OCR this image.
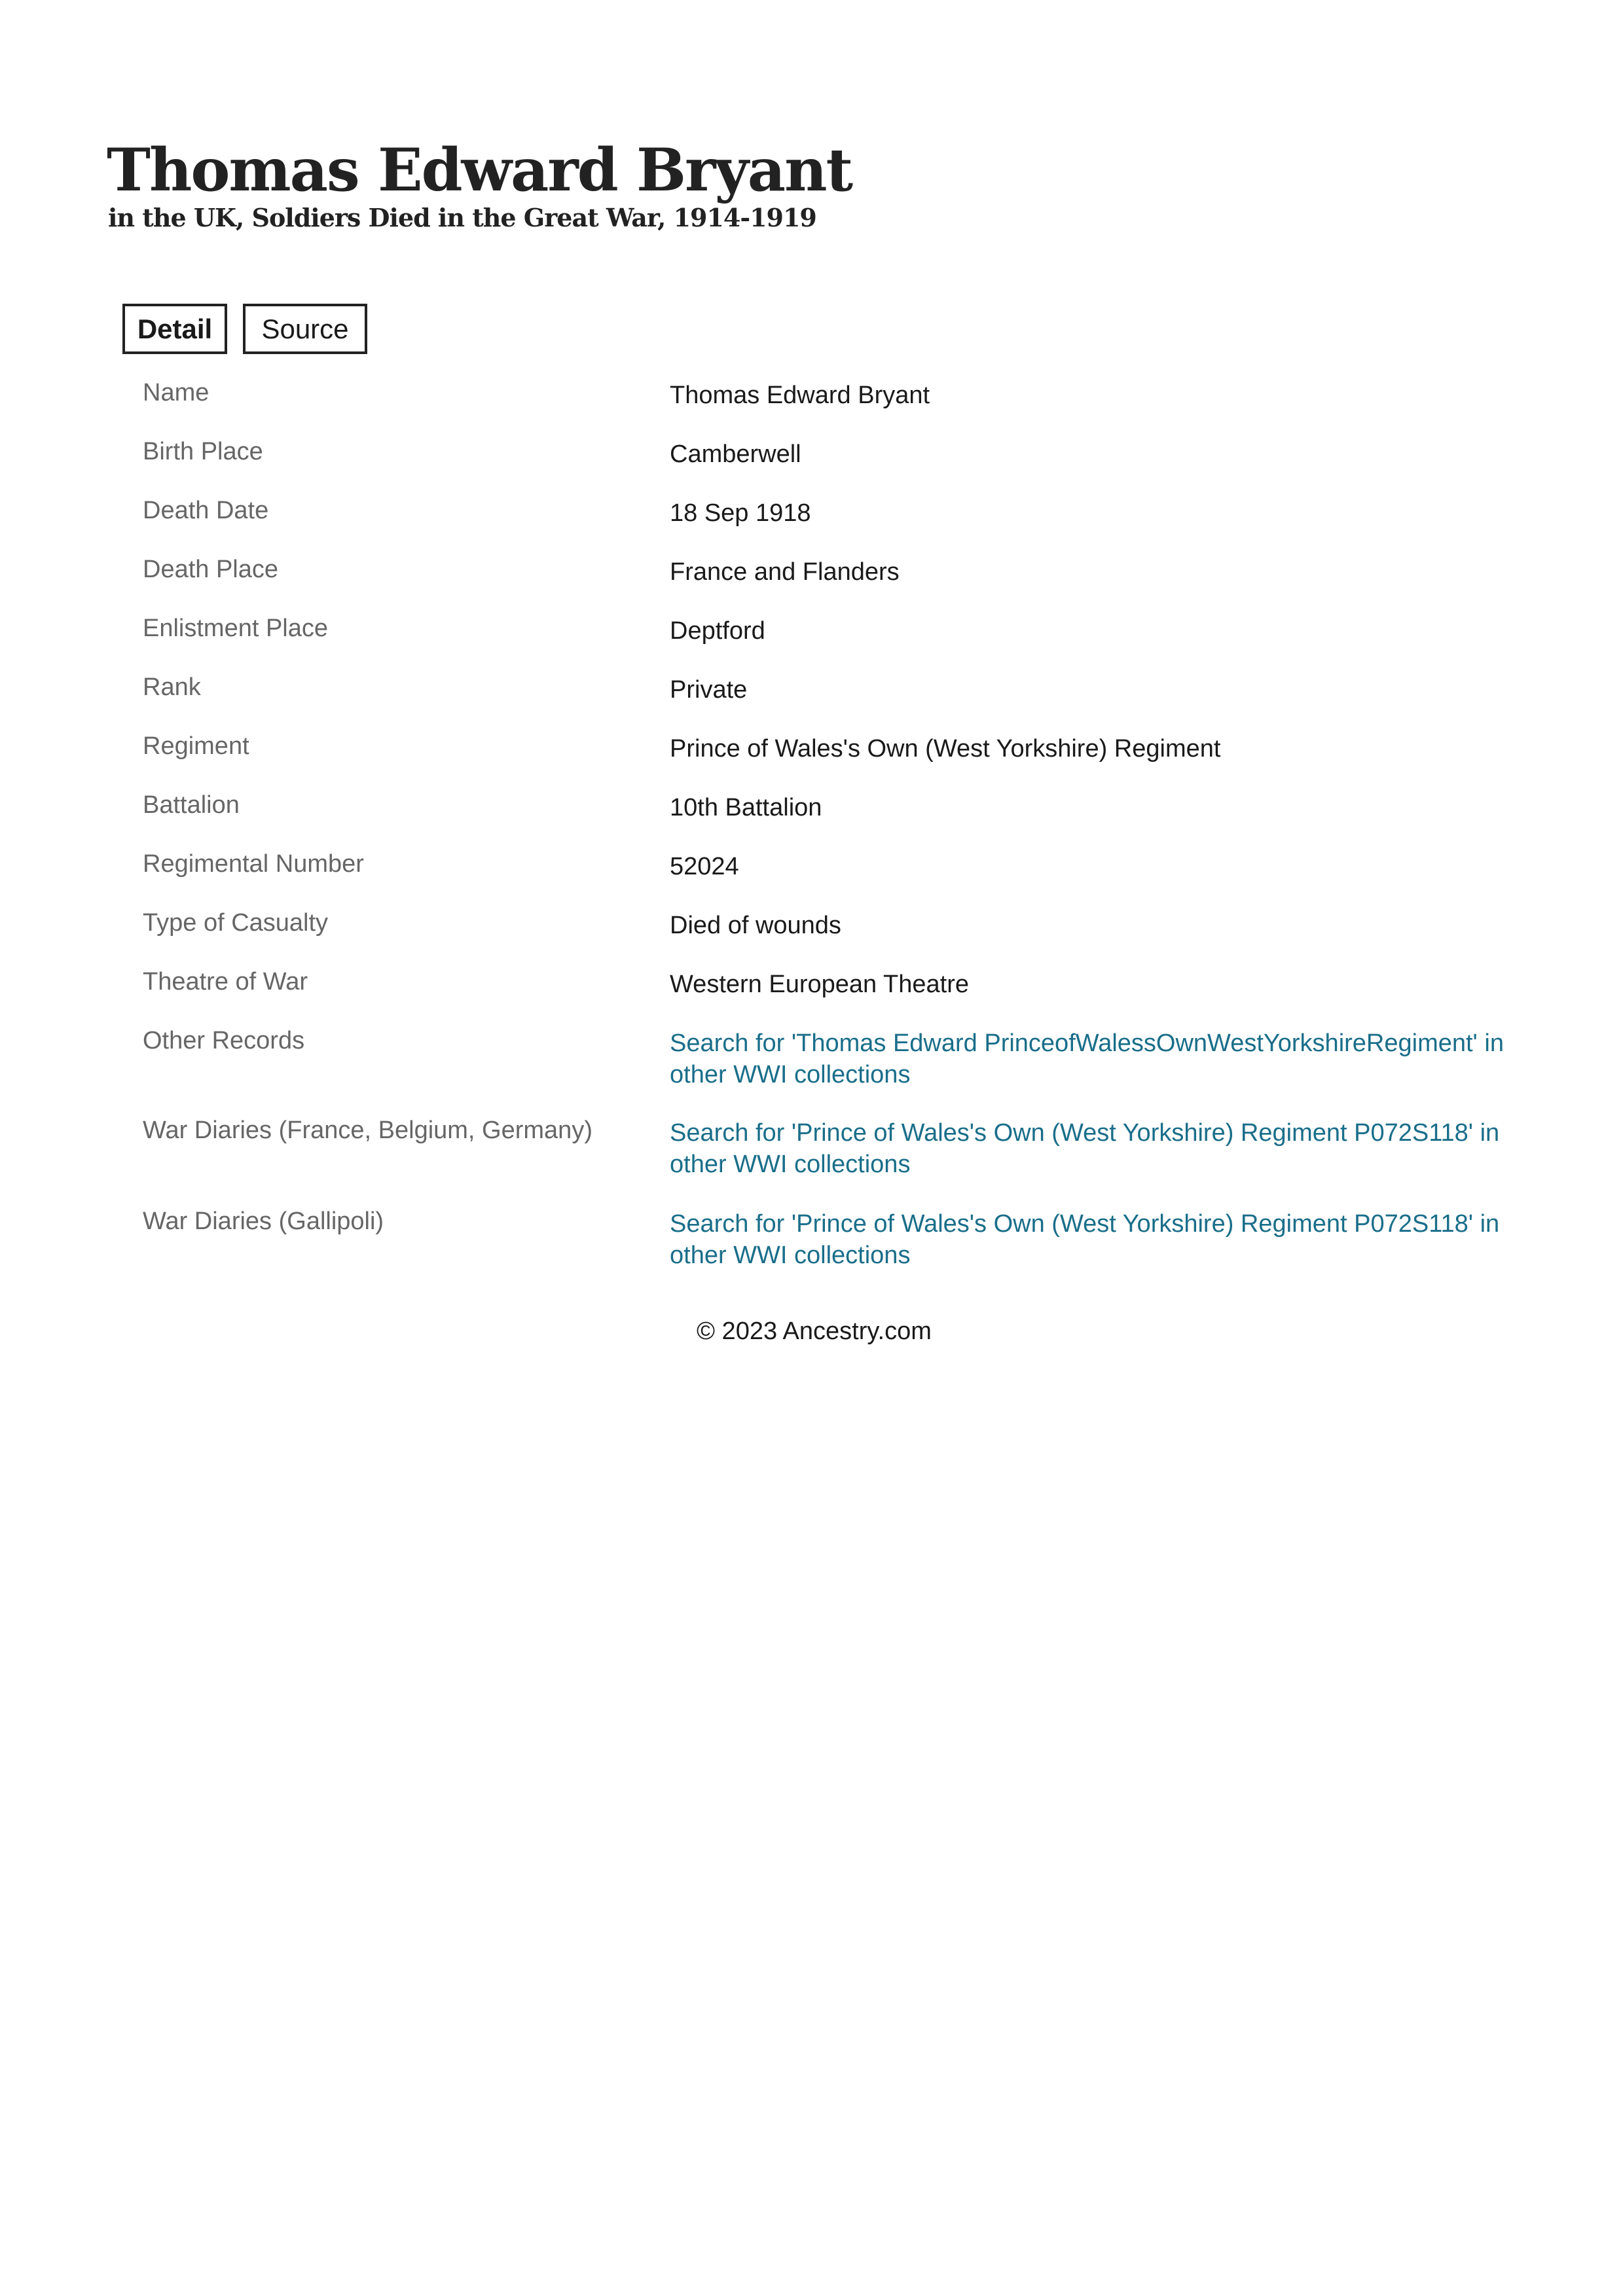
Thomas Edward Bryant
in the UK, Soldiers Died in the Great War, 1914-1919
Detail	Source
Name	Thomas Edward Bryant
Birth Place	Camberwell
Death Date	18 Sep 1918
Death Place	France and Flanders
Enlistment Place	Deptford
Rank	Private
Regiment	Prince of Wales's Own (West Yorkshire) Regiment
Battalion	10th Battalion
Regimental Number	52024
Type of Casualty	Died of wounds
Theatre of War	Western European Theatre
Other Records	Search for 'Thomas Edward PrinceofWalessOwnWestYorkshireRegiment' in
other WWI collections
War Diaries (France, Belgium, Germany)	Search for 'Prince of Wales's Own (West Yorkshire) Regiment P072S118' in
other WWI collections
War Diaries (Gallipoli)	Search for 'Prince of Wales's Own (West Yorkshire) Regiment P072S118' in
other WWI collections
© 2023 Ancestry.com
